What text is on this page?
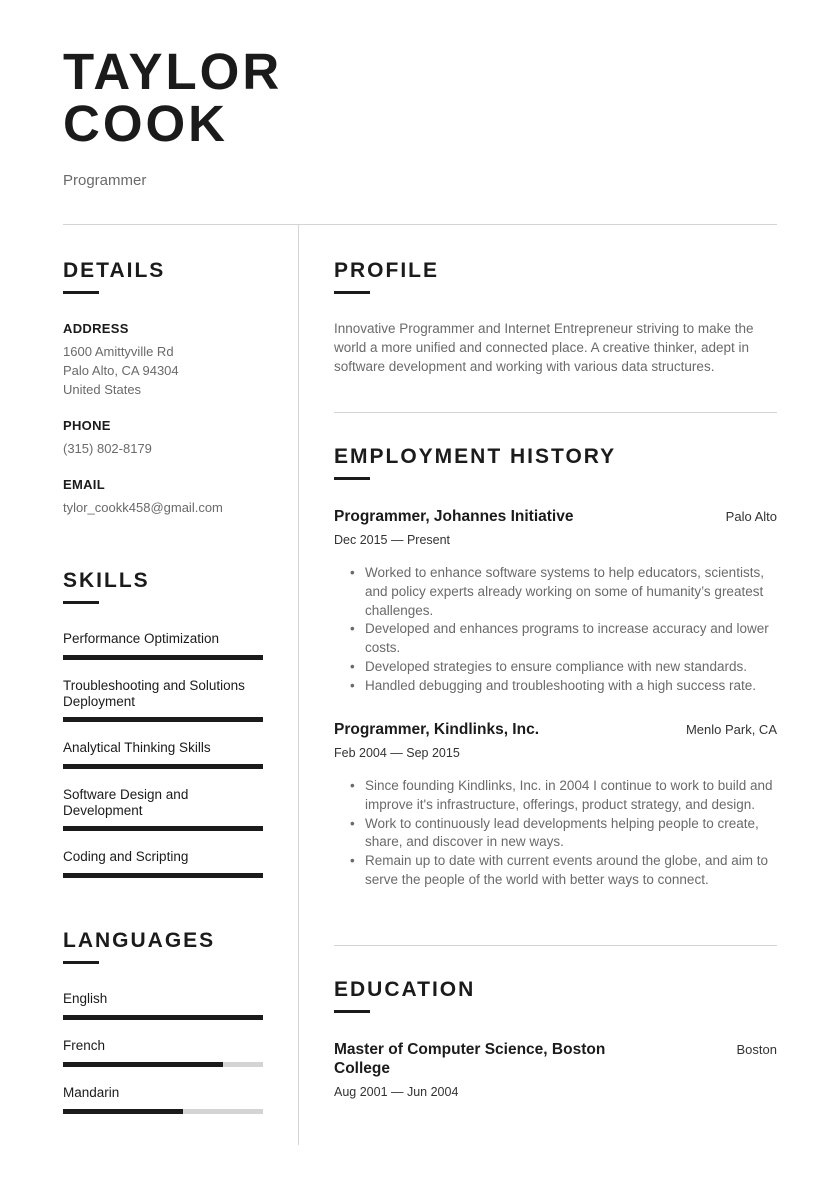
TAYLOR
COOK
Programmer
DETAILS
ADDRESS
1600 Amittyville Rd
Palo Alto, CA 94304
United States
PHONE
(315) 802-8179
EMAIL
tylor_cookk458@gmail.com
SKILLS
Performance Optimization
Troubleshooting and Solutions Deployment
Analytical Thinking Skills
Software Design and Development
Coding and Scripting
LANGUAGES
English
French
Mandarin
PROFILE
Innovative Programmer and Internet Entrepreneur striving to make the world a more unified and connected place. A creative thinker, adept in software development and working with various data structures.
EMPLOYMENT HISTORY
Programmer, Johannes Initiative	Palo Alto
Dec 2015 — Present
• Worked to enhance software systems to help educators, scientists, and policy experts already working on some of humanity’s greatest challenges.
• Developed and enhances programs to increase accuracy and lower costs.
• Developed strategies to ensure compliance with new standards.
• Handled debugging and troubleshooting with a high success rate.
Programmer, Kindlinks, Inc.	Menlo Park, CA
Feb 2004 — Sep 2015
• Since founding Kindlinks, Inc. in 2004 I continue to work to build and improve it's infrastructure, offerings, product strategy, and design.
• Work to continuously lead developments helping people to create, share, and discover in new ways.
• Remain up to date with current events around the globe, and aim to serve the people of the world with better ways to connect.
EDUCATION
Master of Computer Science, Boston College
Boston
Aug 2001 — Jun 2004
